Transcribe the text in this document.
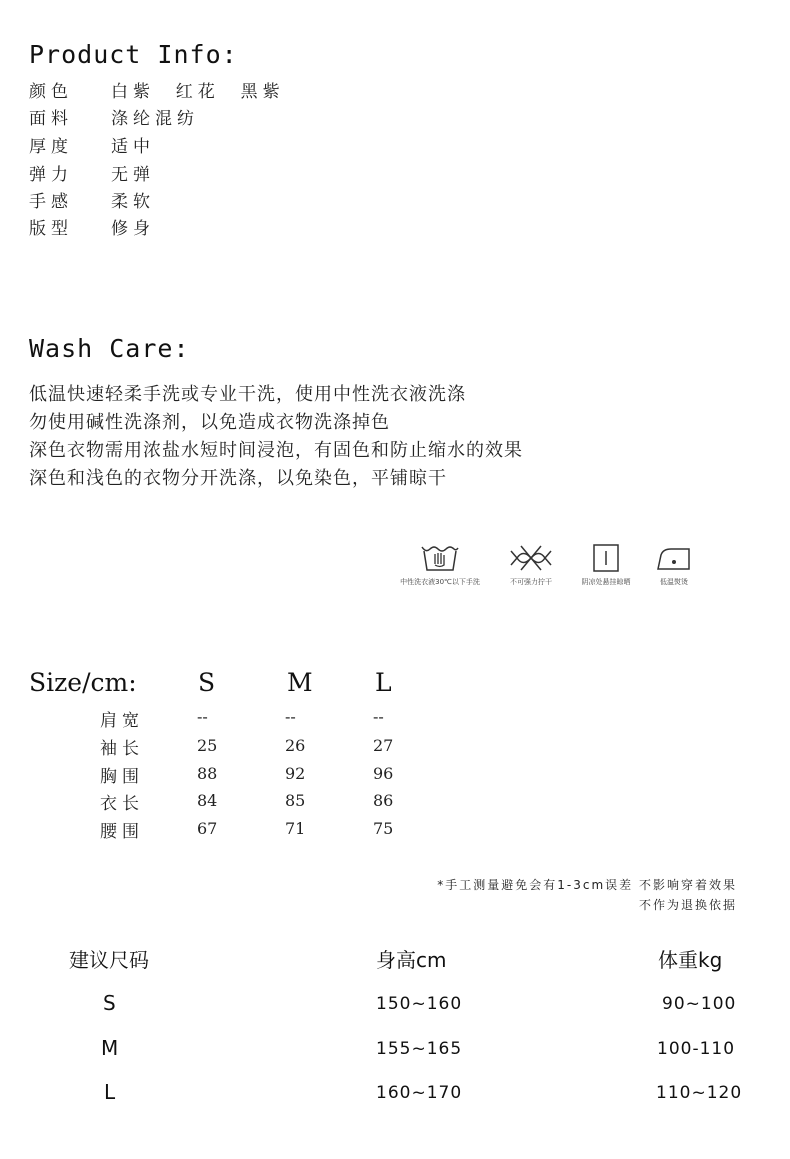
Product Info:
颜色 白紫  红花  黑紫
面料 涤纶混纺
厚度 适中
弹力 无弹
手感 柔软
版型 修身
Wash Care:
低温快速轻柔手洗或专业干洗，使用中性洗衣液洗涤
勿使用碱性洗涤剂，以免造成衣物洗涤掉色
深色衣物需用浓盐水短时间浸泡，有固色和防止缩水的效果
深色和浅色的衣物分开洗涤，以免染色，平铺晾干
中性洗衣液30℃以下手洗	不可强力拧干	阴凉处悬挂晾晒	低温熨烫
Size/cm: S	M L
肩宽	--	--	--
袖长	25	26	27
胸围	88	92	96
衣长	84	85	86
腰围	67	71	75
*手工测量避免会有1-3cm误差 不影响穿着效果
不作为退换依据
建议尺码	身高cm	体重kg
S	150~160	90~100
M	155~165	100-110
L	160~170	110~120
